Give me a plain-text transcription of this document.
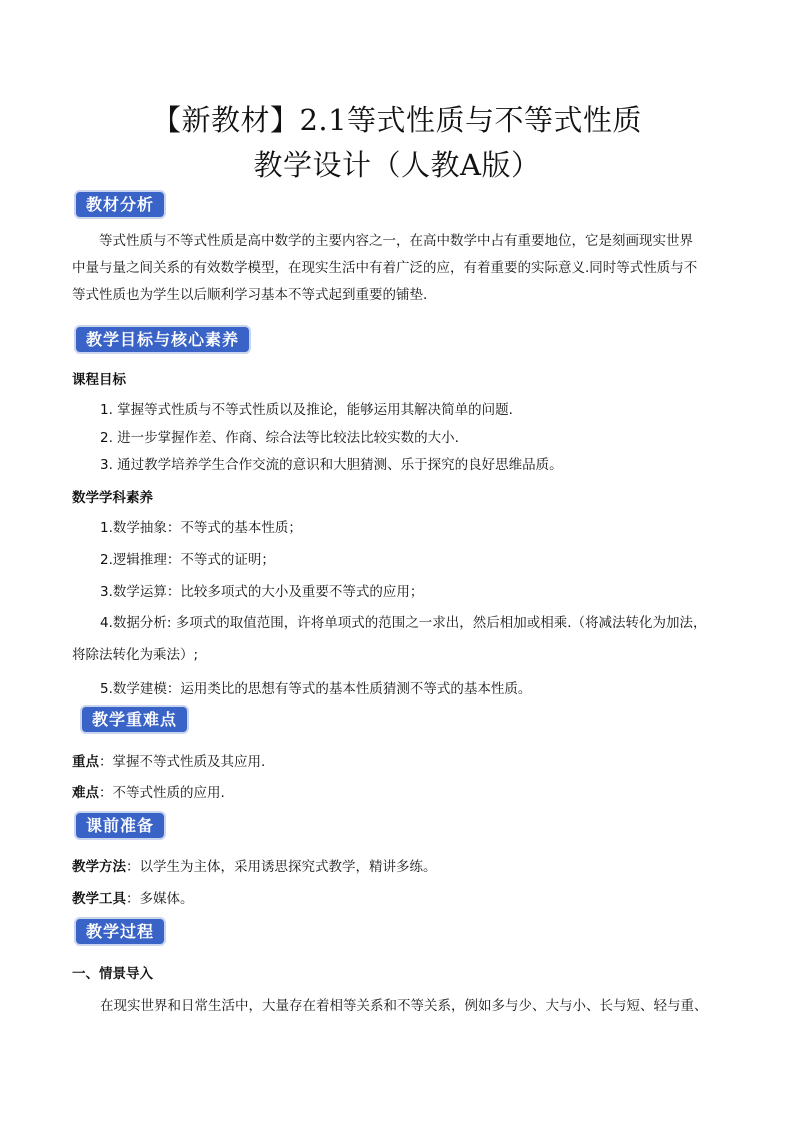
【新教材】2.1等式性质与不等式性质
教学设计（人教A版）
教材分析
等式性质与不等式性质是高中数学的主要内容之一，在高中数学中占有重要地位，它是刻画现实世界
中量与量之间关系的有效数学模型，在现实生活中有着广泛的应，有着重要的实际意义.同时等式性质与不
等式性质也为学生以后顺利学习基本不等式起到重要的铺垫.
教学目标与核心素养
课程目标
1. 掌握等式性质与不等式性质以及推论，能够运用其解决简单的问题.
2. 进一步掌握作差、作商、综合法等比较法比较实数的大小.
3. 通过教学培养学生合作交流的意识和大胆猜测、乐于探究的良好思维品质。
数学学科素养
1.数学抽象：不等式的基本性质；
2.逻辑推理：不等式的证明；
3.数学运算：比较多项式的大小及重要不等式的应用；
4.数据分析: 多项式的取值范围，许将单项式的范围之一求出，然后相加或相乘.（将减法转化为加法，
将除法转化为乘法）;
5.数学建模：运用类比的思想有等式的基本性质猜测不等式的基本性质。
教学重难点
重点：掌握不等式性质及其应用.
难点：不等式性质的应用.
课前准备
教学方法：以学生为主体，采用诱思探究式教学，精讲多练。
教学工具：多媒体。
教学过程
一、情景导入
在现实世界和日常生活中，大量存在着相等关系和不等关系，例如多与少、大与小、长与短、轻与重、
